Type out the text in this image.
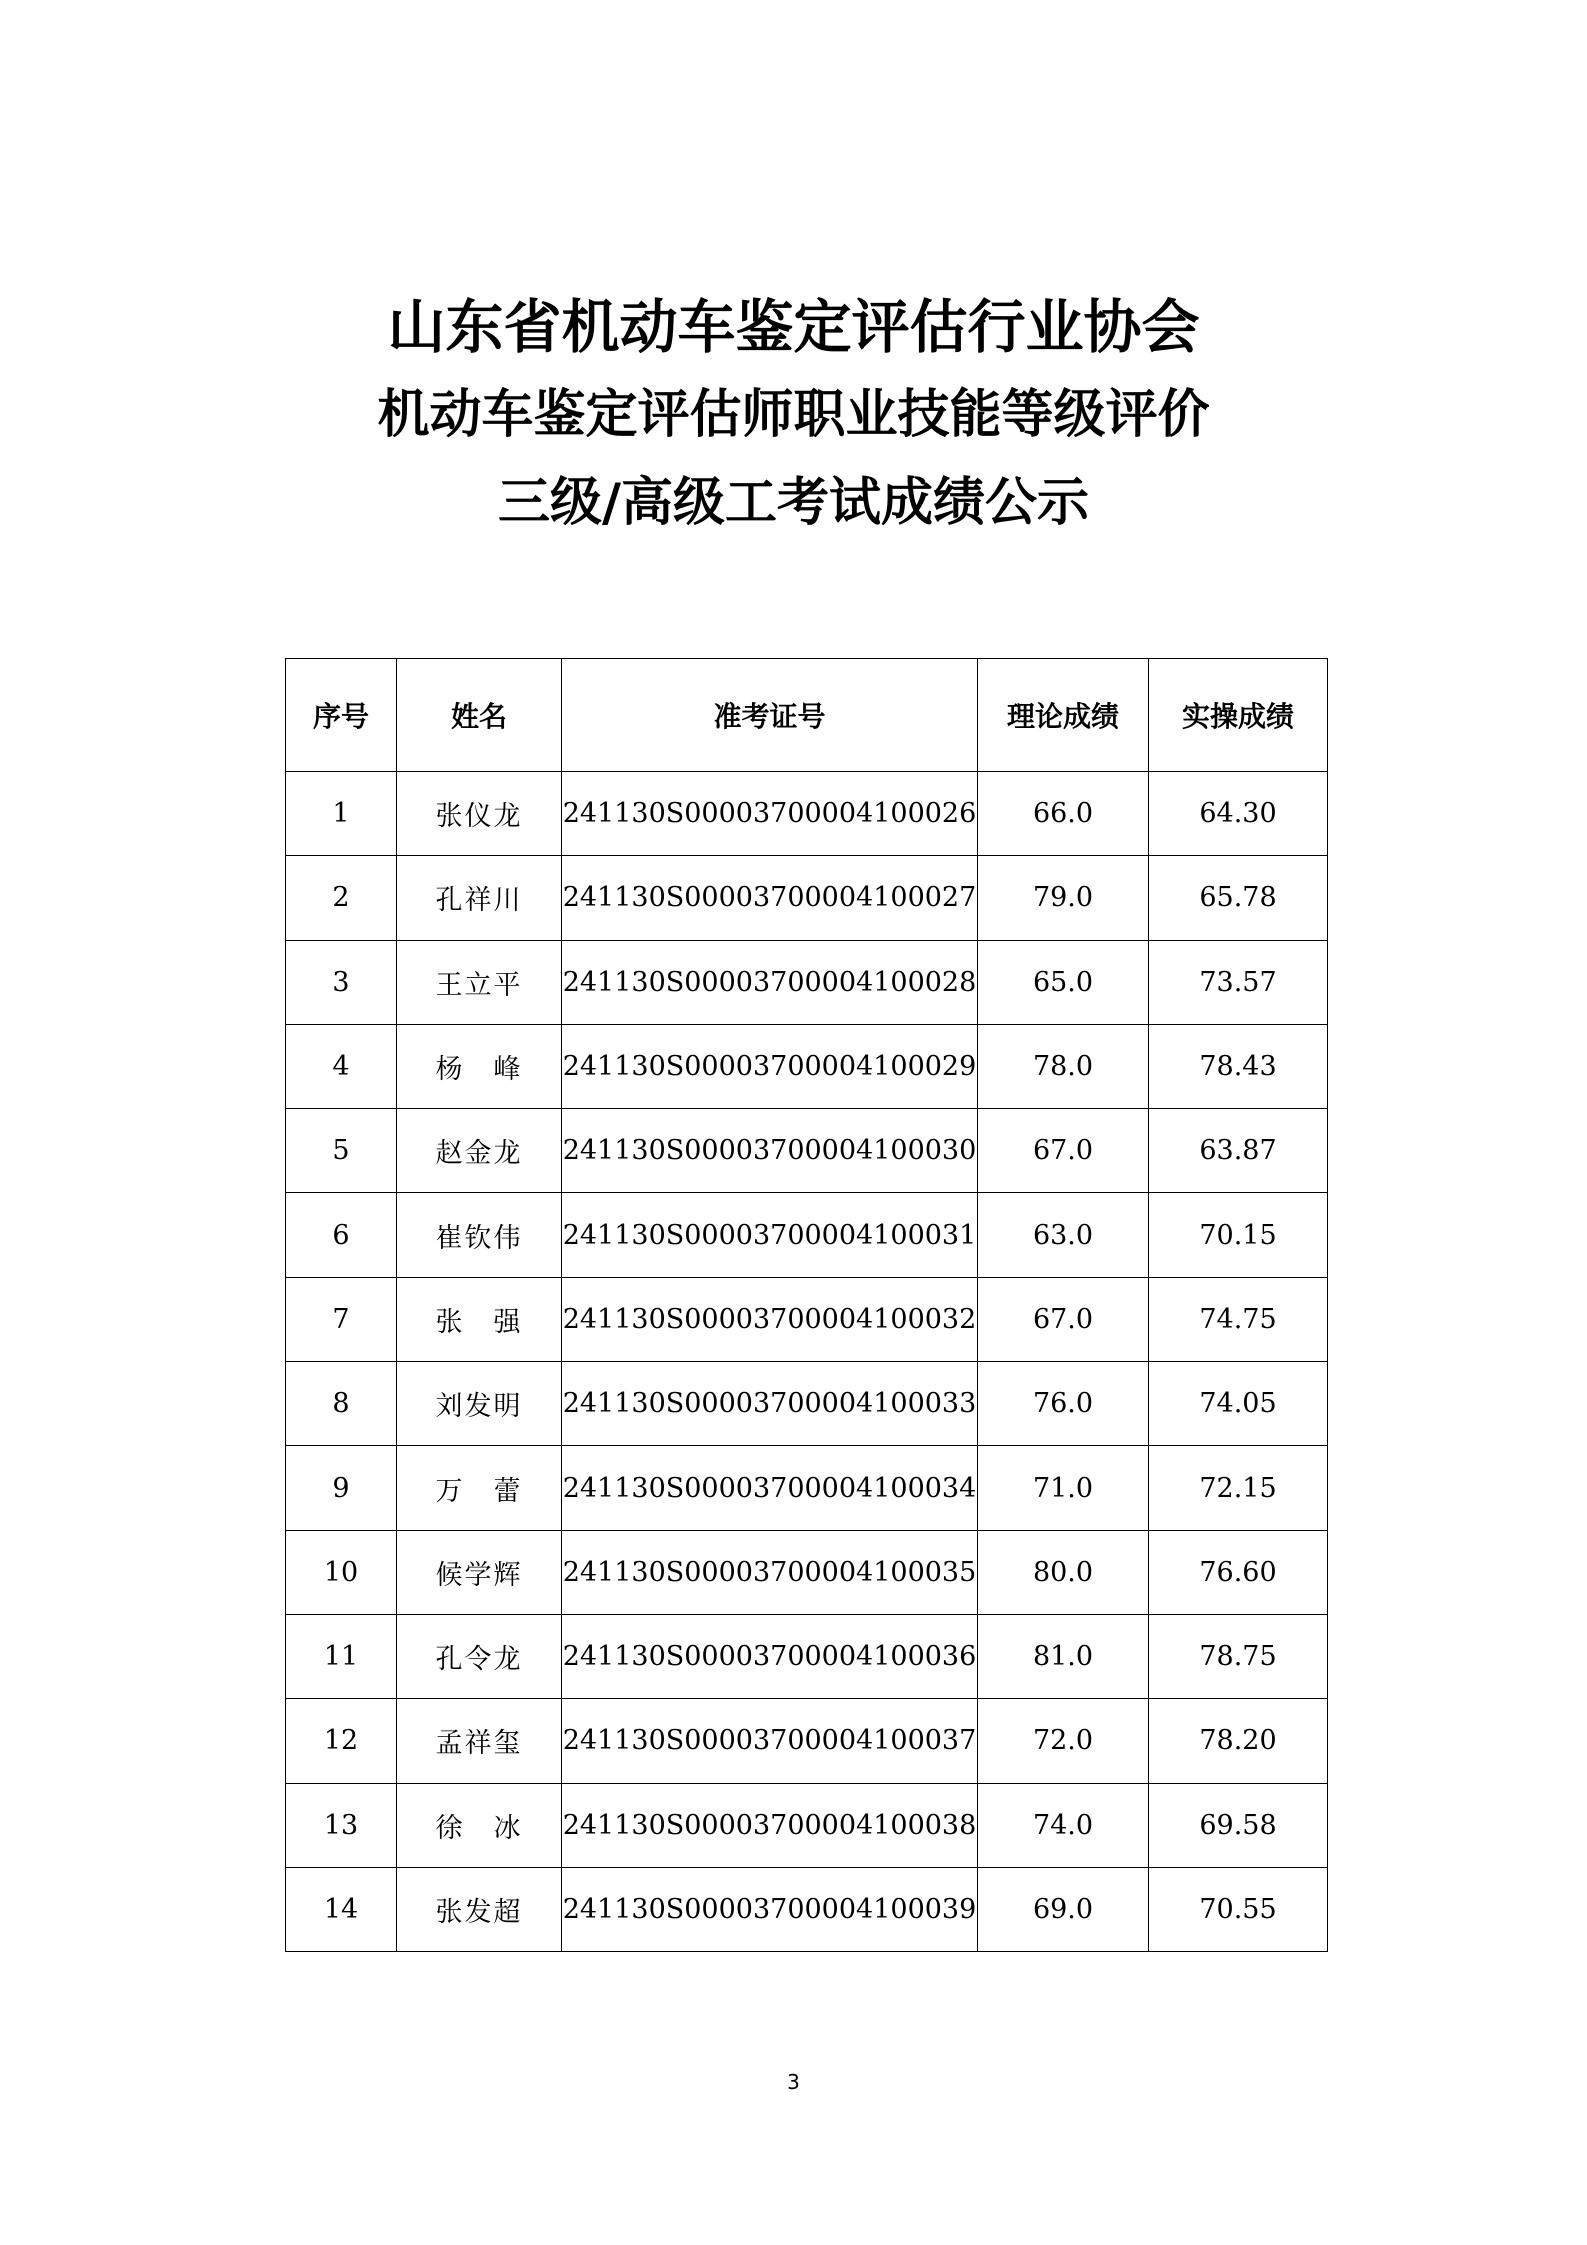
山东省机动车鉴定评估行业协会
机动车鉴定评估师职业技能等级评价
三级/高级工考试成绩公示
序号	姓名	准考证号	理论成绩	实操成绩
1	张仪龙	241130S00003700004100026	66.0	64.30
2	孔祥川	241130S00003700004100027	79.0	65.78
3	王立平	241130S00003700004100028	65.0	73.57
4	杨　峰	241130S00003700004100029	78.0	78.43
5	赵金龙	241130S00003700004100030	67.0	63.87
6	崔钦伟	241130S00003700004100031	63.0	70.15
7	张　强	241130S00003700004100032	67.0	74.75
8	刘发明	241130S00003700004100033	76.0	74.05
9	万　蕾	241130S00003700004100034	71.0	72.15
10	候学辉	241130S00003700004100035	80.0	76.60
11	孔令龙	241130S00003700004100036	81.0	78.75
12	孟祥玺	241130S00003700004100037	72.0	78.20
13	徐　冰	241130S00003700004100038	74.0	69.58
14	张发超	241130S00003700004100039	69.0	70.55
3
